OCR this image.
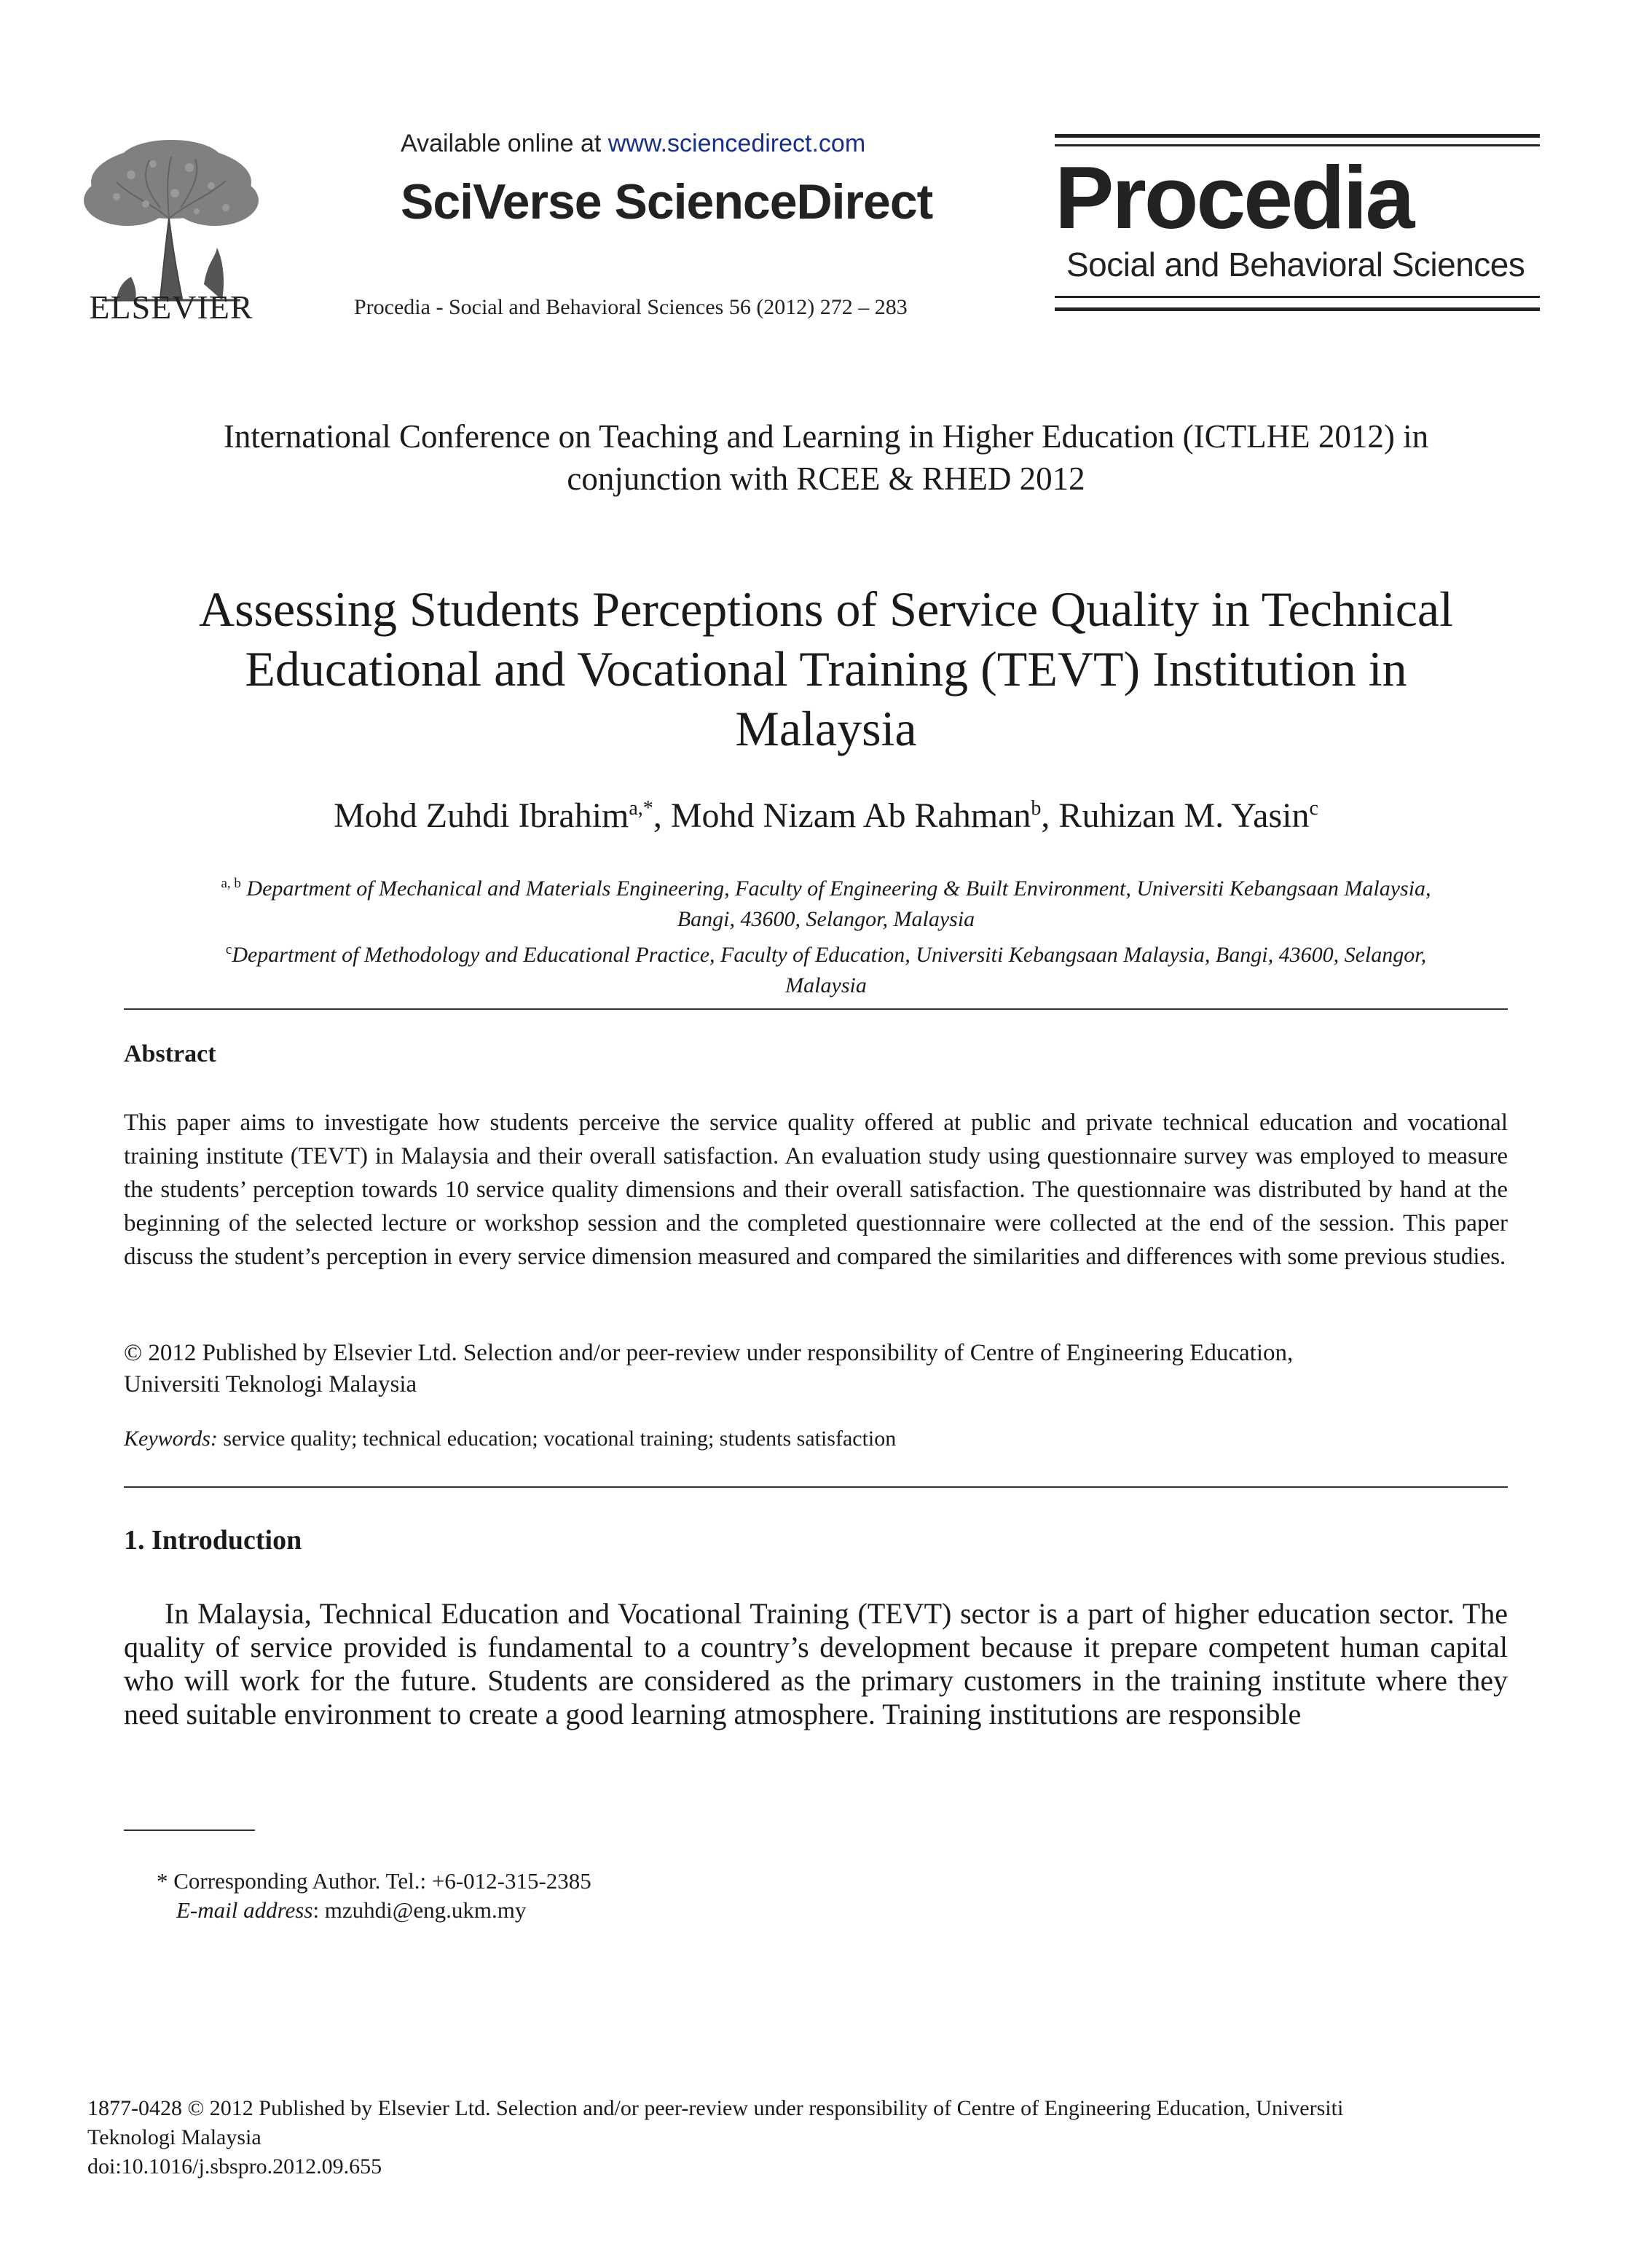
ELSEVIER
Available online at www.sciencedirect.com
SciVerse ScienceDirect
Procedia - Social and Behavioral Sciences 56 (2012) 272 – 283
Procedia
Social and Behavioral Sciences
International Conference on Teaching and Learning in Higher Education (ICTLHE 2012) in
conjunction with RCEE & RHED 2012
Assessing Students Perceptions of Service Quality in Technical
Educational and Vocational Training (TEVT) Institution in
Malaysia
Mohd Zuhdi Ibrahim$^{a,*}$, Mohd Nizam Ab Rahman$^b$, Ruhizan M. Yasin$^c$
$^{a, b}$ Department of Mechanical and Materials Engineering, Faculty of Engineering & Built Environment, Universiti Kebangsaan Malaysia,
Bangi, 43600, Selangor, Malaysia
$^c$Department of Methodology and Educational Practice, Faculty of Education, Universiti Kebangsaan Malaysia, Bangi, 43600, Selangor,
Malaysia
Abstract
This paper aims to investigate how students perceive the service quality offered at public and private technical education and vocational training institute (TEVT) in Malaysia and their overall satisfaction. An evaluation study using questionnaire survey was employed to measure the students’ perception towards 10 service quality dimensions and their overall satisfaction. The questionnaire was distributed by hand at the beginning of the selected lecture or workshop session and the completed questionnaire were collected at the end of the session. This paper discuss the student’s perception in every service dimension measured and compared the similarities and differences with some previous studies.
© 2012 Published by Elsevier Ltd. Selection and/or peer-review under responsibility of Centre of Engineering Education,
Universiti Teknologi Malaysia
Keywords: service quality; technical education; vocational training; students satisfaction
1. Introduction

In Malaysia, Technical Education and Vocational Training (TEVT) sector is a part of higher education sector. The quality of service provided is fundamental to a country’s development because it prepare competent human capital who will work for the future. Students are considered as the primary customers in the training institute where they need suitable environment to create a good learning atmosphere. Training institutions are responsible

* Corresponding Author. Tel.: +6-012-315-2385
E-mail address: mzuhdi@eng.ukm.my
1877-0428 © 2012 Published by Elsevier Ltd. Selection and/or peer-review under responsibility of Centre of Engineering Education, Universiti
Teknologi Malaysia
doi:10.1016/j.sbspro.2012.09.655
